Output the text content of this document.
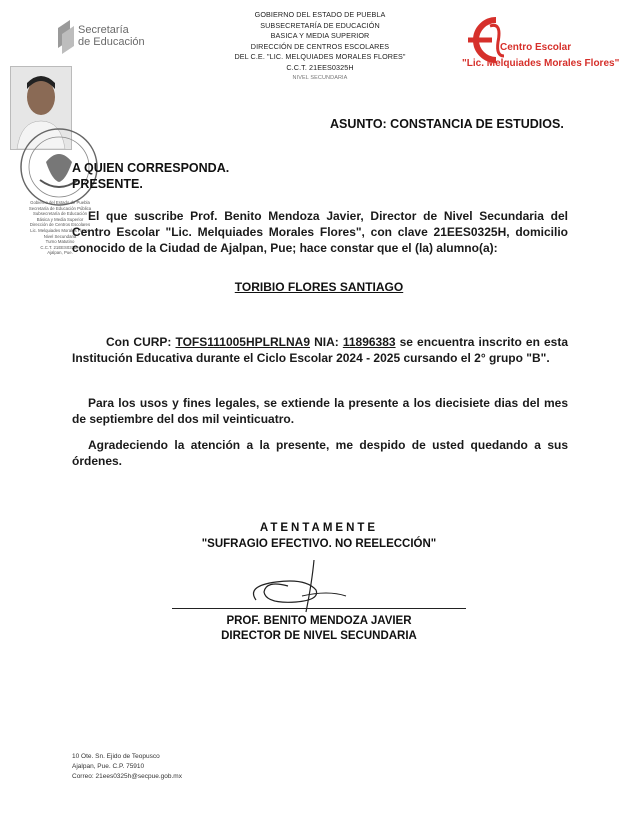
Secretaría
de Educación
GOBIERNO DEL ESTADO DE PUEBLA
SUBSECRETARÍA DE EDUCACIÓN
BASICA Y MEDIA SUPERIOR
DIRECCIÓN DE CENTROS ESCOLARES
DEL C.E. "LIC. MELQUIADES MORALES FLORES"
C.C.T. 21EES0325H
NIVEL SECUNDARIA
Centro Escolar
"Lic. Melquiades Morales Flores"
Gobierno del Estado de Puebla
Secretaría de Educación Pública
Subsecretaría de Educación
Básica y Media Superior
Dirección de Centros Escolares
Lic. Melquiades Morales Flores
Nivel Secundaria
Turno Matutino
C.C.T. 21EES0325H
Ajalpan, Pue.
ASUNTO: CONSTANCIA DE ESTUDIOS.
A QUIEN CORRESPONDA.
PRESENTE.
El que suscribe Prof. Benito Mendoza Javier, Director de Nivel Secundaria del Centro Escolar "Lic. Melquiades Morales Flores", con clave 21EES0325H, domicilio conocido de la Ciudad de Ajalpan, Pue; hace constar que el (la) alumno(a):
TORIBIO FLORES SANTIAGO
Con CURP: TOFS111005HPLRLNA9 NIA: 11896383 se encuentra inscrito en esta Institución Educativa durante el Ciclo Escolar 2024 - 2025 cursando el 2° grupo "B".
Para los usos y fines legales, se extiende la presente a los diecisiete dias del mes de septiembre del dos mil veinticuatro.
Agradeciendo la atención a la presente, me despido de usted quedando a sus órdenes.
ATENTAMENTE
"SUFRAGIO EFECTIVO. NO REELECCIÓN"
PROF. BENITO MENDOZA JAVIER
DIRECTOR DE NIVEL SECUNDARIA
10 Ote. Sn. Ejido de Teopusco
Ajalpan, Pue. C.P. 75910
Correo: 21ees0325h@secpue.gob.mx
